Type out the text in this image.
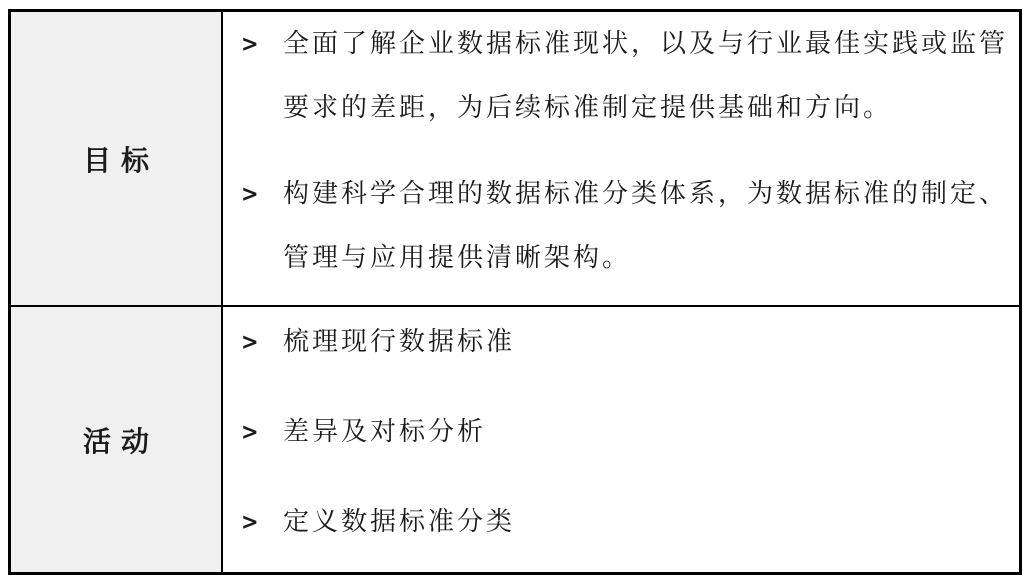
目标
> 全面了解企业数据标准现状，以及与行业最佳实践或监管要求的差距，为后续标准制定提供基础和方向。
> 构建科学合理的数据标准分类体系，为数据标准的制定、管理与应用提供清晰架构。
活动
> 梳理现行数据标准
> 差异及对标分析
> 定义数据标准分类
